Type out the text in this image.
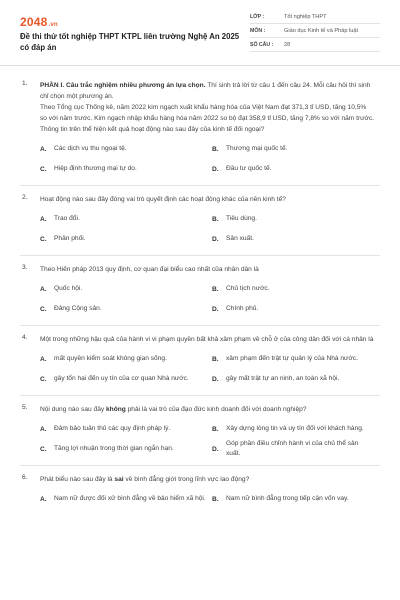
2048.vn
Đề thi thử tốt nghiệp THPT KTPL liên trường Nghệ An 2025 có đáp án
LỚP :	Tốt nghiệp THPT
MÔN :	Giáo dục Kinh tế và Pháp luật
SỐ CÂU :	28
1. PHẦN I. Câu trắc nghiệm nhiều phương án lựa chọn. Thí sinh trả lời từ câu 1 đến câu 24. Mỗi câu hỏi thí sinh chỉ chọn một phương án.
Theo Tổng cục Thống kê, năm 2022 kim ngạch xuất khẩu hàng hóa của Việt Nam đạt 371,3 tỉ USD, tăng 10,5% so với năm trước. Kim ngạch nhập khẩu hàng hóa năm 2022 so bộ đạt 358,9 tỉ USD, tăng 7,8% so với năm trước. Thông tin trên thể hiện kết quả hoạt động nào sau đây của kinh tế đối ngoại?
A. Các dịch vụ thu ngoại tệ.	B. Thương mại quốc tế.
C. Hiệp định thương mại tự do.	D. Đầu tư quốc tế.
2. Hoạt động nào sau đây đóng vai trò quyết định các hoạt động khác của nền kinh tế?
A. Trao đổi.	B. Tiêu dùng.
C. Phân phối.	D. Sản xuất.
3. Theo Hiến pháp 2013 quy định, cơ quan đại biểu cao nhất của nhân dân là
A. Quốc hội.	B. Chủ tịch nước.
C. Đảng Cộng sản.	D. Chính phủ.
4. Một trong những hậu quả của hành vi vi phạm quyền bất khả xâm phạm về chỗ ở của công dân đối với cá nhân là
A. mất quyền kiểm soát không gian sống.	B. xâm phạm đến trật tự quản lý của Nhà nước.
C. gây tổn hại đến uy tín của cơ quan Nhà nước.	D. gây mất trật tự an ninh, an toàn xã hội.
5. Nội dung nào sau đây không phải là vai trò của đạo đức kinh doanh đối với doanh nghiệp?
A. Đảm bảo tuân thủ các quy định pháp lý.	B. Xây dựng lòng tin và uy tín đối với khách hàng.
C. Tăng lợi nhuận trong thời gian ngắn hạn.	D.
Góp phần điều chỉnh hành vi của chủ thể sản xuất.
6. Phát biểu nào sau đây là sai về bình đẳng giới trong lĩnh vực lao động?
A. Nam nữ được đối xử bình đẳng về bảo hiểm xã hội. B. Nam nữ bình đẳng trong tiếp cận vốn vay.
